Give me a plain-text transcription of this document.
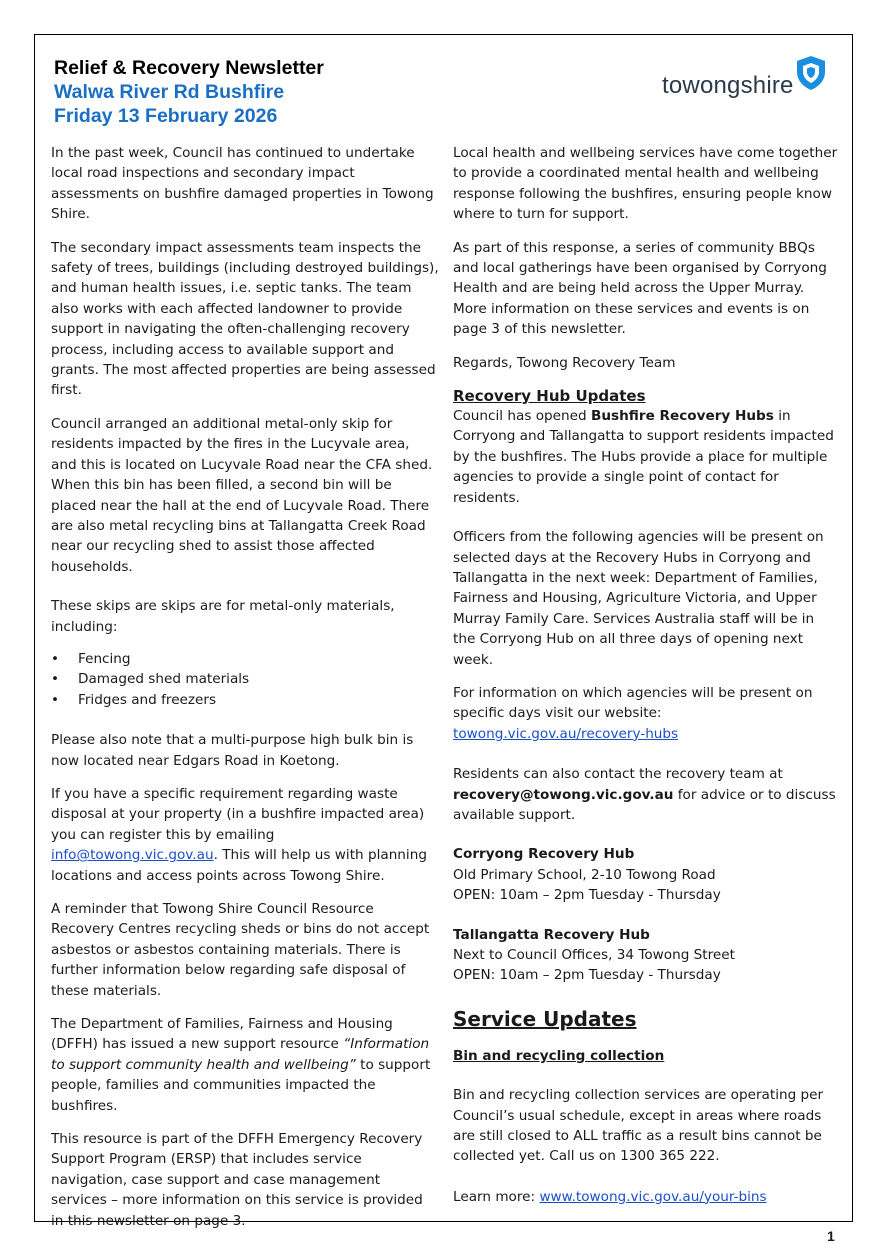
Relief & Recovery Newsletter
Walwa River Rd Bushfire
Friday 13 February 2026
towongshire

In the past week, Council has continued to undertake local road inspections and secondary impact assessments on bushfire damaged properties in Towong Shire.

The secondary impact assessments team inspects the safety of trees, buildings (including destroyed buildings), and human health issues, i.e. septic tanks. The team also works with each affected landowner to provide support in navigating the often-challenging recovery process, including access to available support and grants. The most affected properties are being assessed first.

Council arranged an additional metal-only skip for residents impacted by the fires in the Lucyvale area, and this is located on Lucyvale Road near the CFA shed. When this bin has been filled, a second bin will be placed near the hall at the end of Lucyvale Road. There are also metal recycling bins at Tallangatta Creek Road near our recycling shed to assist those affected households.

These skips are skips are for metal-only materials, including:

• Fencing
• Damaged shed materials
• Fridges and freezers

Please also note that a multi-purpose high bulk bin is now located near Edgars Road in Koetong.

If you have a specific requirement regarding waste disposal at your property (in a bushfire impacted area) you can register this by emailing info@towong.vic.gov.au. This will help us with planning locations and access points across Towong Shire.

A reminder that Towong Shire Council Resource Recovery Centres recycling sheds or bins do not accept asbestos or asbestos containing materials. There is further information below regarding safe disposal of these materials.

The Department of Families, Fairness and Housing (DFFH) has issued a new support resource “Information to support community health and wellbeing” to support people, families and communities impacted the bushfires.

This resource is part of the DFFH Emergency Recovery Support Program (ERSP) that includes service navigation, case support and case management services – more information on this service is provided in this newsletter on page 3.

Local health and wellbeing services have come together to provide a coordinated mental health and wellbeing response following the bushfires, ensuring people know where to turn for support.

As part of this response, a series of community BBQs and local gatherings have been organised by Corryong Health and are being held across the Upper Murray. More information on these services and events is on page 3 of this newsletter.

Regards, Towong Recovery Team

Recovery Hub Updates

Council has opened Bushfire Recovery Hubs in Corryong and Tallangatta to support residents impacted by the bushfires. The Hubs provide a place for multiple agencies to provide a single point of contact for residents.

Officers from the following agencies will be present on selected days at the Recovery Hubs in Corryong and Tallangatta in the next week: Department of Families, Fairness and Housing, Agriculture Victoria, and Upper Murray Family Care. Services Australia staff will be in the Corryong Hub on all three days of opening next week.

For information on which agencies will be present on specific days visit our website:
towong.vic.gov.au/recovery-hubs

Residents can also contact the recovery team at recovery@towong.vic.gov.au for advice or to discuss available support.

Corryong Recovery Hub
Old Primary School, 2-10 Towong Road
OPEN: 10am – 2pm Tuesday - Thursday

Tallangatta Recovery Hub
Next to Council Offices, 34 Towong Street
OPEN: 10am – 2pm Tuesday - Thursday

Service Updates

Bin and recycling collection

Bin and recycling collection services are operating per Council’s usual schedule, except in areas where roads are still closed to ALL traffic as a result bins cannot be collected yet. Call us on 1300 365 222.

Learn more: www.towong.vic.gov.au/your-bins

1
